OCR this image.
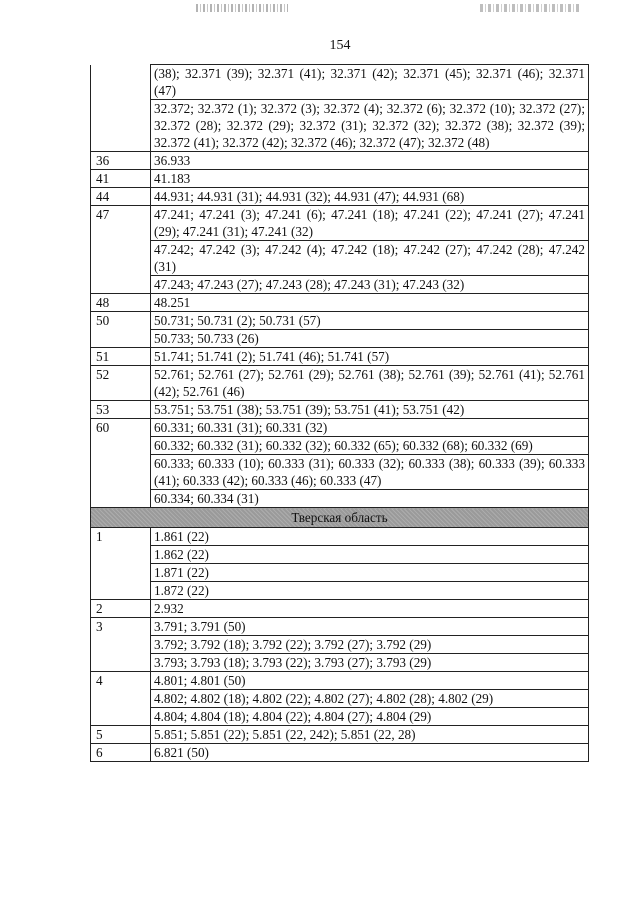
154
	(38); 32.371 (39); 32.371 (41); 32.371 (42); 32.371 (45); 32.371 (46); 32.371 (47)
	32.372; 32.372 (1); 32.372 (3); 32.372 (4); 32.372 (6); 32.372 (10); 32.372 (27); 32.372 (28); 32.372 (29); 32.372 (31); 32.372 (32); 32.372 (38); 32.372 (39); 32.372 (41); 32.372 (42); 32.372 (46); 32.372 (47); 32.372 (48)
36	36.933
41	41.183
44	44.931; 44.931 (31); 44.931 (32); 44.931 (47); 44.931 (68)
47	47.241; 47.241 (3); 47.241 (6); 47.241 (18); 47.241 (22); 47.241 (27); 47.241 (29); 47.241 (31); 47.241 (32)
	47.242; 47.242 (3); 47.242 (4); 47.242 (18); 47.242 (27); 47.242 (28); 47.242 (31)
	47.243; 47.243 (27); 47.243 (28); 47.243 (31); 47.243 (32)
48	48.251
50	50.731; 50.731 (2); 50.731 (57)
	50.733; 50.733 (26)
51	51.741; 51.741 (2); 51.741 (46); 51.741 (57)
52	52.761; 52.761 (27); 52.761 (29); 52.761 (38); 52.761 (39); 52.761 (41); 52.761 (42); 52.761 (46)
53	53.751; 53.751 (38); 53.751 (39); 53.751 (41); 53.751 (42)
60	60.331; 60.331 (31); 60.331 (32)
	60.332; 60.332 (31); 60.332 (32); 60.332 (65); 60.332 (68); 60.332 (69)
	60.333; 60.333 (10); 60.333 (31); 60.333 (32); 60.333 (38); 60.333 (39); 60.333 (41); 60.333 (42); 60.333 (46); 60.333 (47)
	60.334; 60.334 (31)
Тверская область	
1	1.861 (22)
	1.862 (22)
	1.871 (22)
	1.872 (22)
2	2.932
3	3.791; 3.791 (50)
	3.792; 3.792 (18); 3.792 (22); 3.792 (27); 3.792 (29)
	3.793; 3.793 (18); 3.793 (22); 3.793 (27); 3.793 (29)
4	4.801; 4.801 (50)
	4.802; 4.802 (18); 4.802 (22); 4.802 (27); 4.802 (28); 4.802 (29)
	4.804; 4.804 (18); 4.804 (22); 4.804 (27); 4.804 (29)
5	5.851; 5.851 (22); 5.851 (22, 242); 5.851 (22, 28)
6	6.821 (50)
